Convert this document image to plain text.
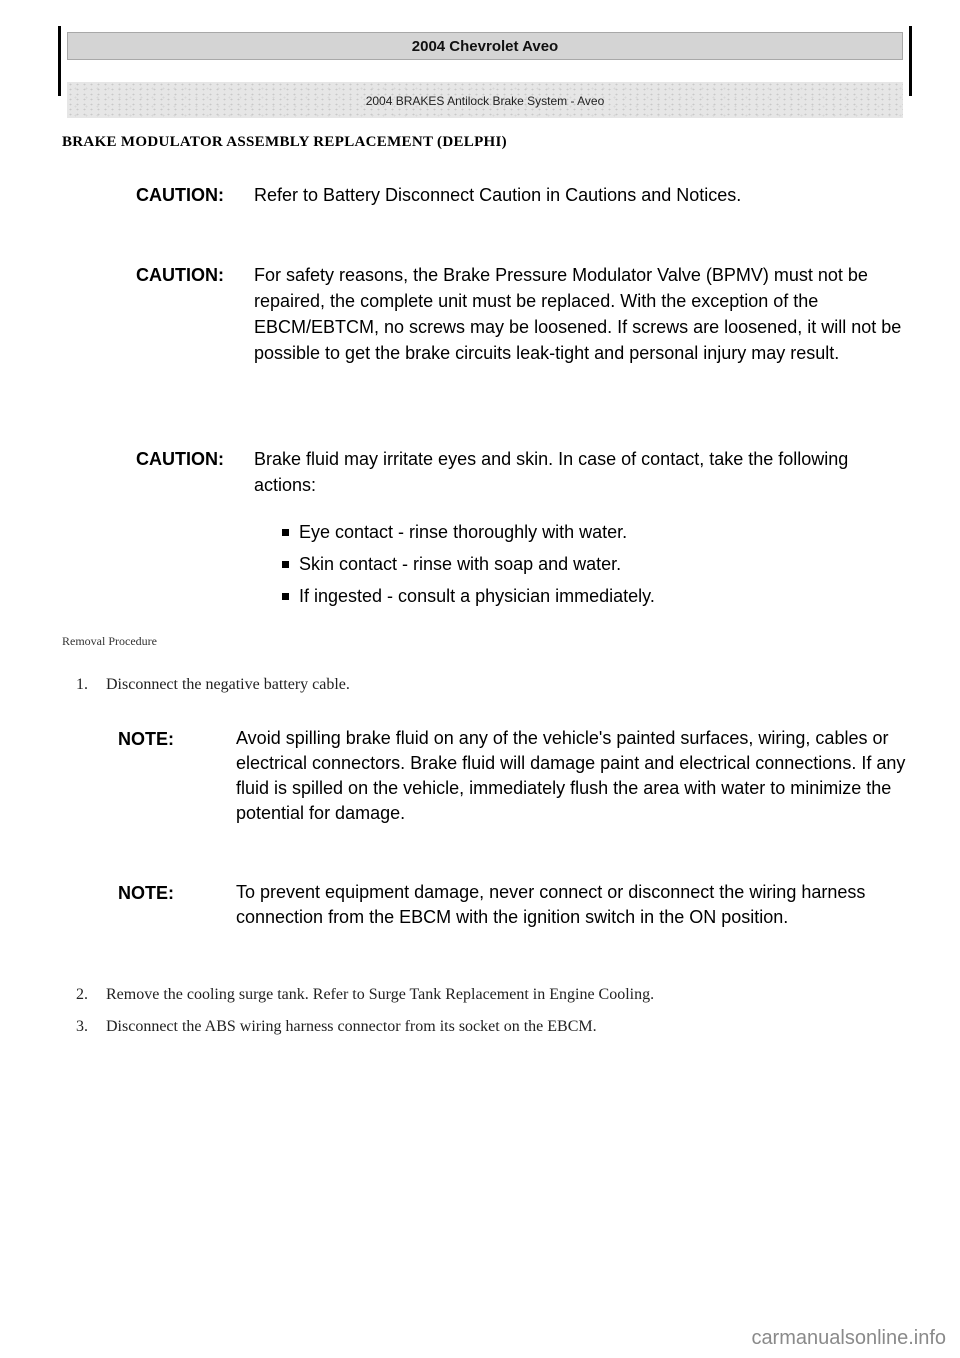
2004 Chevrolet Aveo
2004 BRAKES Antilock Brake System - Aveo
BRAKE MODULATOR ASSEMBLY REPLACEMENT (DELPHI)
CAUTION:	Refer to Battery Disconnect Caution in Cautions and Notices.
CAUTION:	For safety reasons, the Brake Pressure Modulator Valve (BPMV) must not be repaired, the complete unit must be replaced. With the exception of the EBCM/EBTCM, no screws may be loosened. If screws are loosened, it will not be possible to get the brake circuits leak-tight and personal injury may result.
CAUTION:	Brake fluid may irritate eyes and skin. In case of contact, take the following actions:
Eye contact - rinse thoroughly with water.
Skin contact - rinse with soap and water.
If ingested - consult a physician immediately.
Removal Procedure
1.	Disconnect the negative battery cable.
NOTE:	Avoid spilling brake fluid on any of the vehicle's painted surfaces, wiring, cables or electrical connectors. Brake fluid will damage paint and electrical connections. If any fluid is spilled on the vehicle, immediately flush the area with water to minimize the potential for damage.
NOTE:	To prevent equipment damage, never connect or disconnect the wiring harness connection from the EBCM with the ignition switch in the ON position.
2.	Remove the cooling surge tank. Refer to Surge Tank Replacement in Engine Cooling.
3.	Disconnect the ABS wiring harness connector from its socket on the EBCM.
carmanualsonline.info
